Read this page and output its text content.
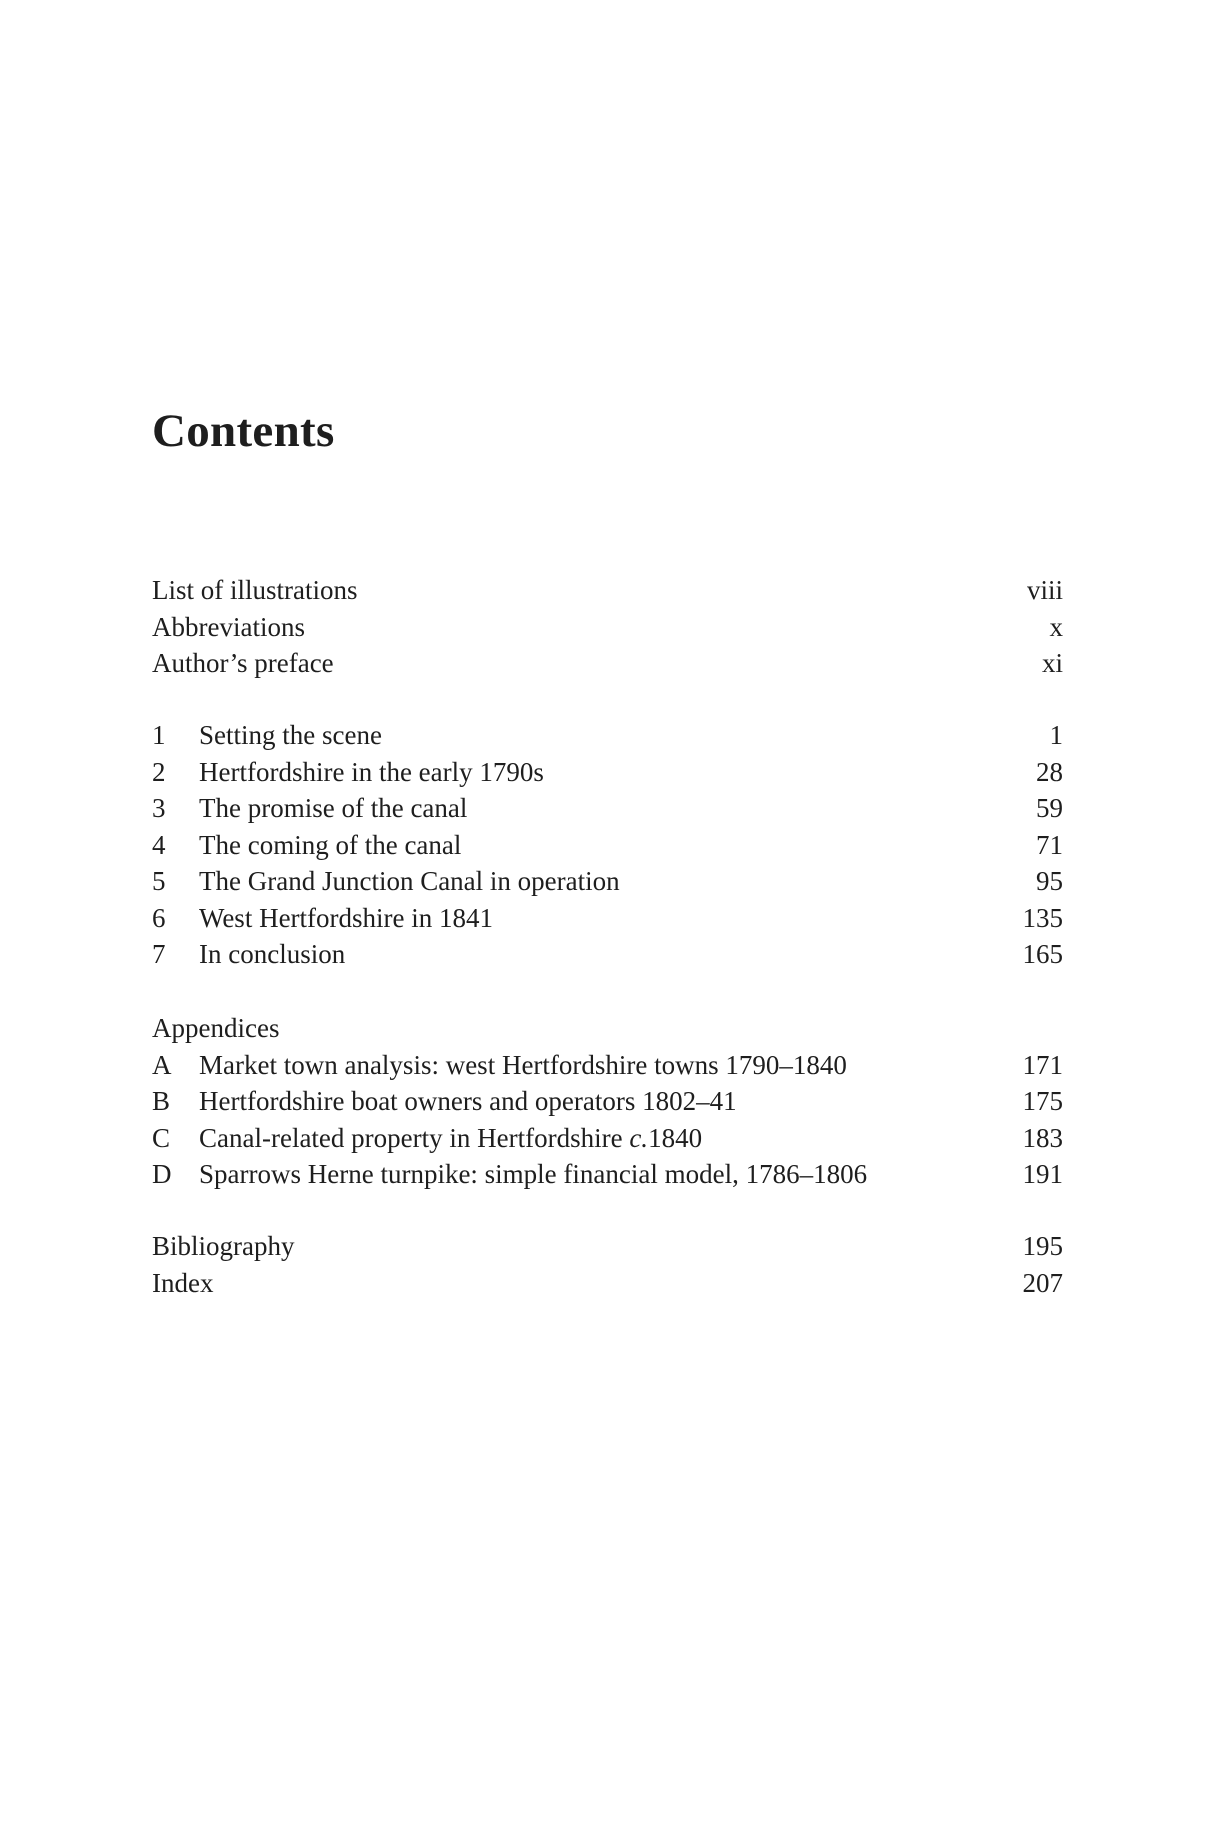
Contents
List of illustrations	viii
Abbreviations	x
Author’s preface	xi
1 Setting the scene	1
2 Hertfordshire in the early 1790s	28
3 The promise of the canal	59
4 The coming of the canal	71
5 The Grand Junction Canal in operation	95
6 West Hertfordshire in 1841	135
7 In conclusion	165
Appendices
A Market town analysis: west Hertfordshire towns 1790–1840	171
B Hertfordshire boat owners and operators 1802–41	175
C Canal-related property in Hertfordshire c.1840	183
D Sparrows Herne turnpike: simple financial model, 1786–1806	191
Bibliography	195
Index	207
